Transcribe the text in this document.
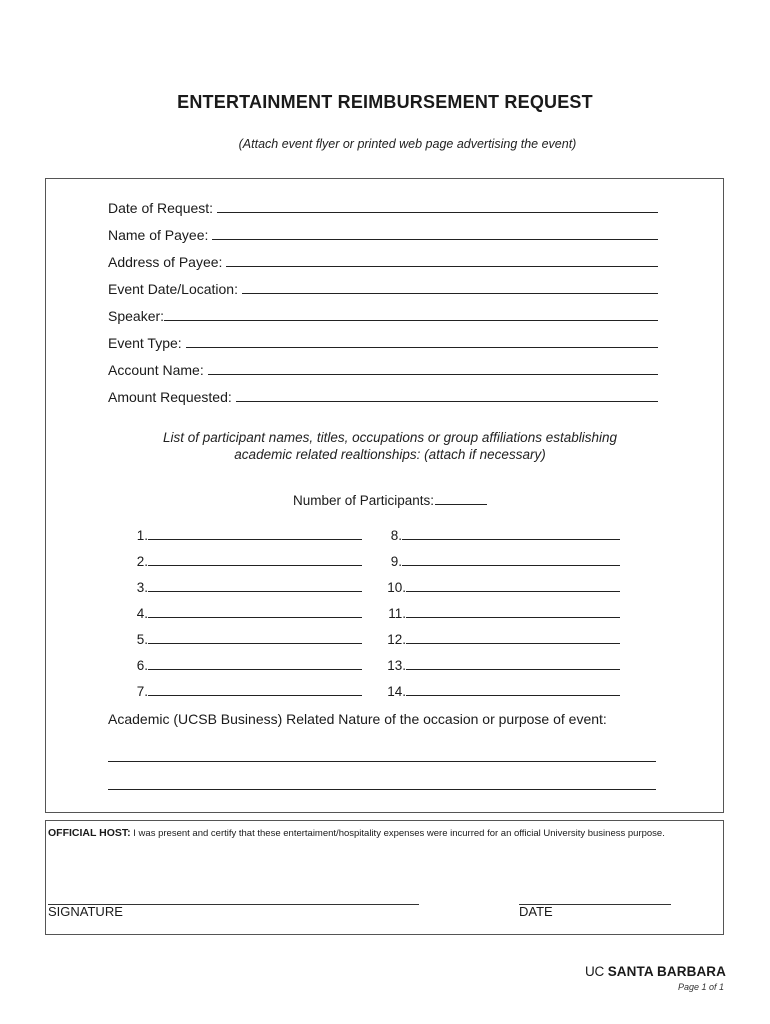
ENTERTAINMENT REIMBURSEMENT REQUEST
(Attach event flyer or printed web page advertising the event)
Date of Request:
Name of Payee:
Address of Payee:
Event Date/Location:
Speaker:
Event Type:
Account Name:
Amount Requested:
List of participant names, titles, occupations or group affiliations establishing
academic related realtionships: (attach if necessary)
Number of Participants:
1.
2.
3.
4.
5.
6.
7.
8.
9.
10.
11.
12.
13.
14.
Academic (UCSB Business) Related Nature of the occasion or purpose of event:
OFFICIAL HOST: I was present and certify that these entertaiment/hospitality expenses were incurred for an official University business purpose.
SIGNATURE	DATE
UC SANTA BARBARA
Page 1 of 1
